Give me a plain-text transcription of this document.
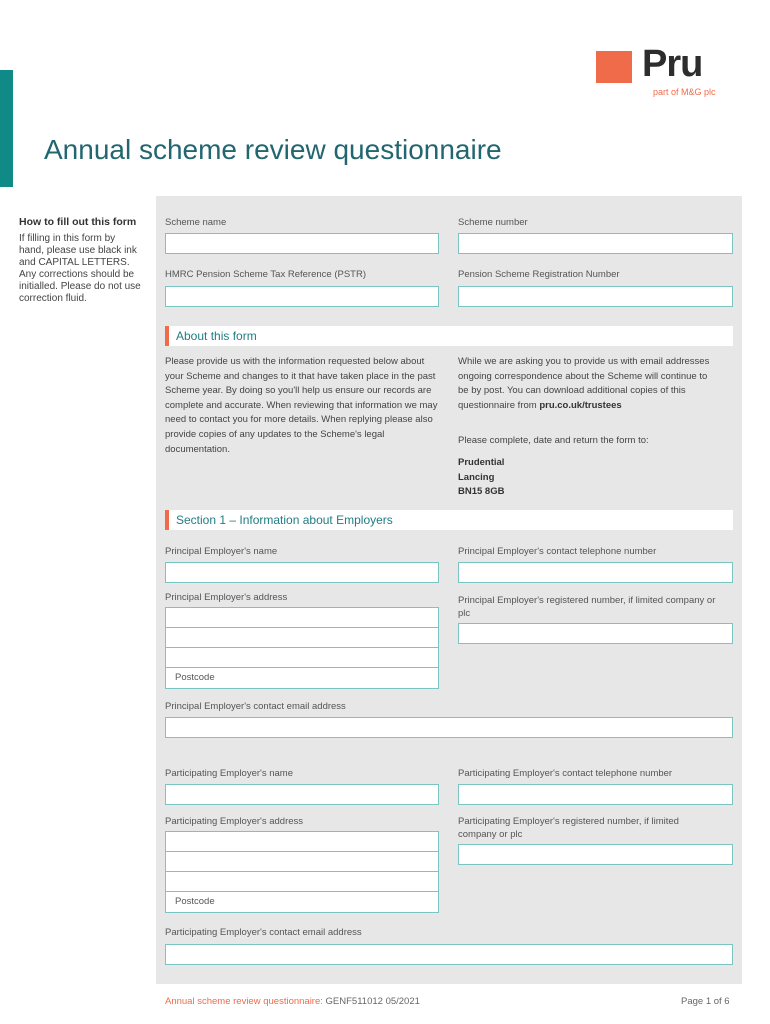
Pru
part of M&G plc
Annual scheme review questionnaire
How to fill out this form
If filling in this form by hand, please use black ink and CAPITAL LETTERS. Any corrections should be initialled. Please do not use correction fluid.
Scheme name	Scheme number
HMRC Pension Scheme Tax Reference (PSTR)	Pension Scheme Registration Number
About this form
Please provide us with the information requested below about your Scheme and changes to it that have taken place in the past Scheme year. By doing so you'll help us ensure our records are complete and accurate. When reviewing that information we may need to contact you for more details. When replying please also provide copies of any updates to the Scheme's legal documentation.
While we are asking you to provide us with email addresses ongoing correspondence about the Scheme will continue to be by post. You can download additional copies of this questionnaire from pru.co.uk/trustees
Please complete, date and return the form to:
Prudential
Lancing
BN15 8GB
Section 1 – Information about Employers
Principal Employer's name	Principal Employer's contact telephone number
Principal Employer's address
Postcode
Principal Employer's registered number, if limited company or plc
Principal Employer's contact email address
Participating Employer's name	Participating Employer's contact telephone number
Participating Employer's address
Postcode
Participating Employer's registered number, if limited company or plc
Participating Employer's contact email address
Annual scheme review questionnaire: GENF511012 05/2021	Page 1 of 6
